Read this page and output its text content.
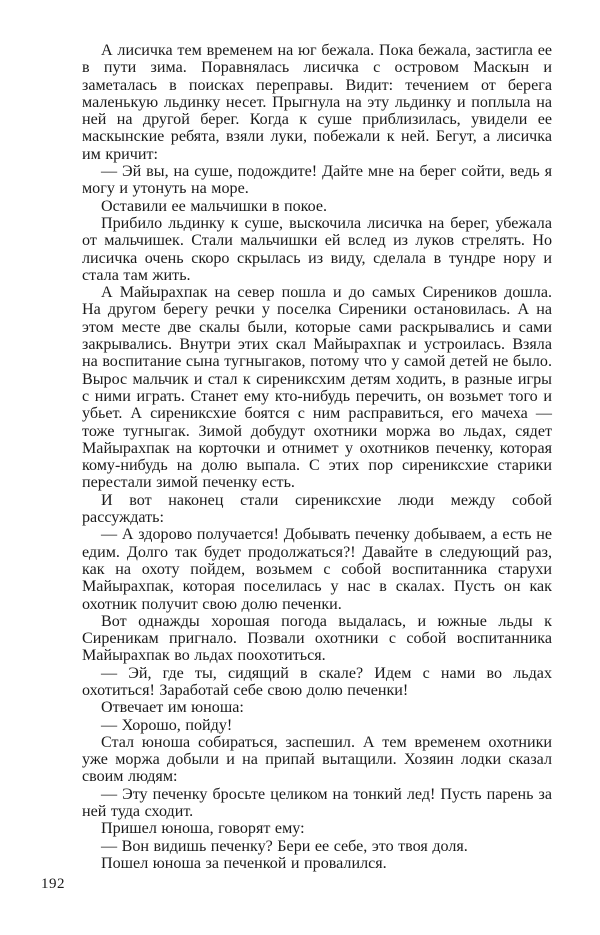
А лисичка тем временем на юг бежала. Пока бежала, застигла ее в пути зима. Поравнялась лисичка с островом Маскын и заметалась в поисках переправы. Видит: течением от берега маленькую льдинку несет. Прыгнула на эту льдинку и поплыла на ней на другой берег. Когда к суше приблизилась, увидели ее маскынские ребята, взяли луки, побежали к ней. Бегут, а лисичка им кричит:

— Эй вы, на суше, подождите! Дайте мне на берег сойти, ведь я могу и утонуть на море.

Оставили ее мальчишки в покое.

Прибило льдинку к суше, выскочила лисичка на берег, убежала от мальчишек. Стали мальчишки ей вслед из луков стрелять. Но лисичка очень скоро скрылась из виду, сделала в тундре нору и стала там жить.

А Майырахпак на север пошла и до самых Сиреников дошла. На другом берегу речки у поселка Сиреники остановилась. А на этом месте две скалы были, которые сами раскрывались и сами закрывались. Внутри этих скал Майырахпак и устроилась. Взяла на воспитание сына тугныгаков, потому что у самой детей не было. Вырос мальчик и стал к сирениксхим детям ходить, в разные игры с ними играть. Станет ему кто-нибудь перечить, он возьмет того и убьет. А сирениксхие боятся с ним расправиться, его мачеха — тоже тугныгак. Зимой добудут охотники моржа во льдах, сядет Майырахпак на корточки и отнимет у охотников печенку, которая кому-нибудь на долю выпала. С этих пор сирениксхие старики перестали зимой печенку есть.

И вот наконец стали сирениксхие люди между собой рассуждать:

— А здорово получается! Добывать печенку добываем, а есть не едим. Долго так будет продолжаться?! Давайте в следующий раз, как на охоту пойдем, возьмем с собой воспитанника старухи Майырахпак, которая поселилась у нас в скалах. Пусть он как охотник получит свою долю печенки.

Вот однажды хорошая погода выдалась, и южные льды к Сиреникам пригнало. Позвали охотники с собой воспитанника Майырахпак во льдах поохотиться.

— Эй, где ты, сидящий в скале? Идем с нами во льдах охотиться! Заработай себе свою долю печенки!

Отвечает им юноша:

— Хорошо, пойду!

Стал юноша собираться, заспешил. А тем временем охотники уже моржа добыли и на припай вытащили. Хозяин лодки сказал своим людям:

— Эту печенку бросьте целиком на тонкий лед! Пусть парень за ней туда сходит.

Пришел юноша, говорят ему:

— Вон видишь печенку? Бери ее себе, это твоя доля.

Пошел юноша за печенкой и провалился.

192
